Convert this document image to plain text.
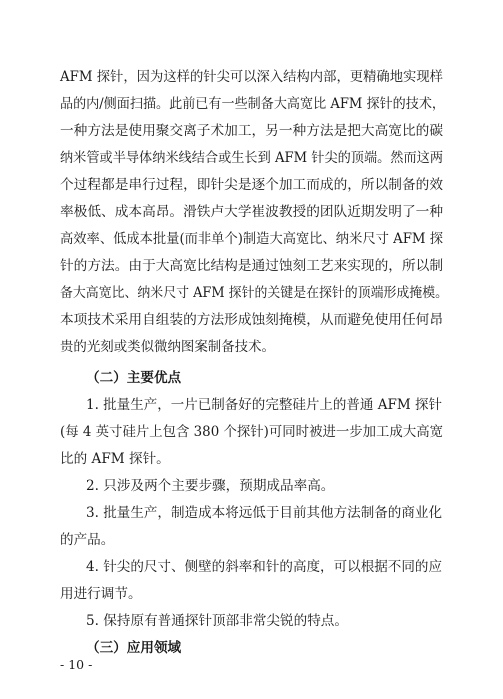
AFM 探针，因为这样的针尖可以深入结构内部，更精确地实现样
品的内/侧面扫描。此前已有一些制备大高宽比 AFM 探针的技术，
一种方法是使用聚交离子术加工，另一种方法是把大高宽比的碳
纳米管或半导体纳米线结合或生长到 AFM 针尖的顶端。然而这两
个过程都是串行过程，即针尖是逐个加工而成的，所以制备的效
率极低、成本高昂。滑铁卢大学崔波教授的团队近期发明了一种
高效率、低成本批量(而非单个)制造大高宽比、纳米尺寸 AFM 探
针的方法。由于大高宽比结构是通过蚀刻工艺来实现的，所以制
备大高宽比、纳米尺寸 AFM 探针的关键是在探针的顶端形成掩模。
本项技术采用自组装的方法形成蚀刻掩模，从而避免使用任何昂
贵的光刻或类似微纳图案制备技术。
（二）主要优点
1. 批量生产，一片已制备好的完整硅片上的普通 AFM 探针
(每 4 英寸硅片上包含 380 个探针)可同时被进一步加工成大高宽
比的 AFM 探针。
2. 只涉及两个主要步骤，预期成品率高。
3. 批量生产，制造成本将远低于目前其他方法制备的商业化
的产品。
4. 针尖的尺寸、侧壁的斜率和针的高度，可以根据不同的应
用进行调节。
5. 保持原有普通探针顶部非常尖锐的特点。
（三）应用领域
- 10 -
